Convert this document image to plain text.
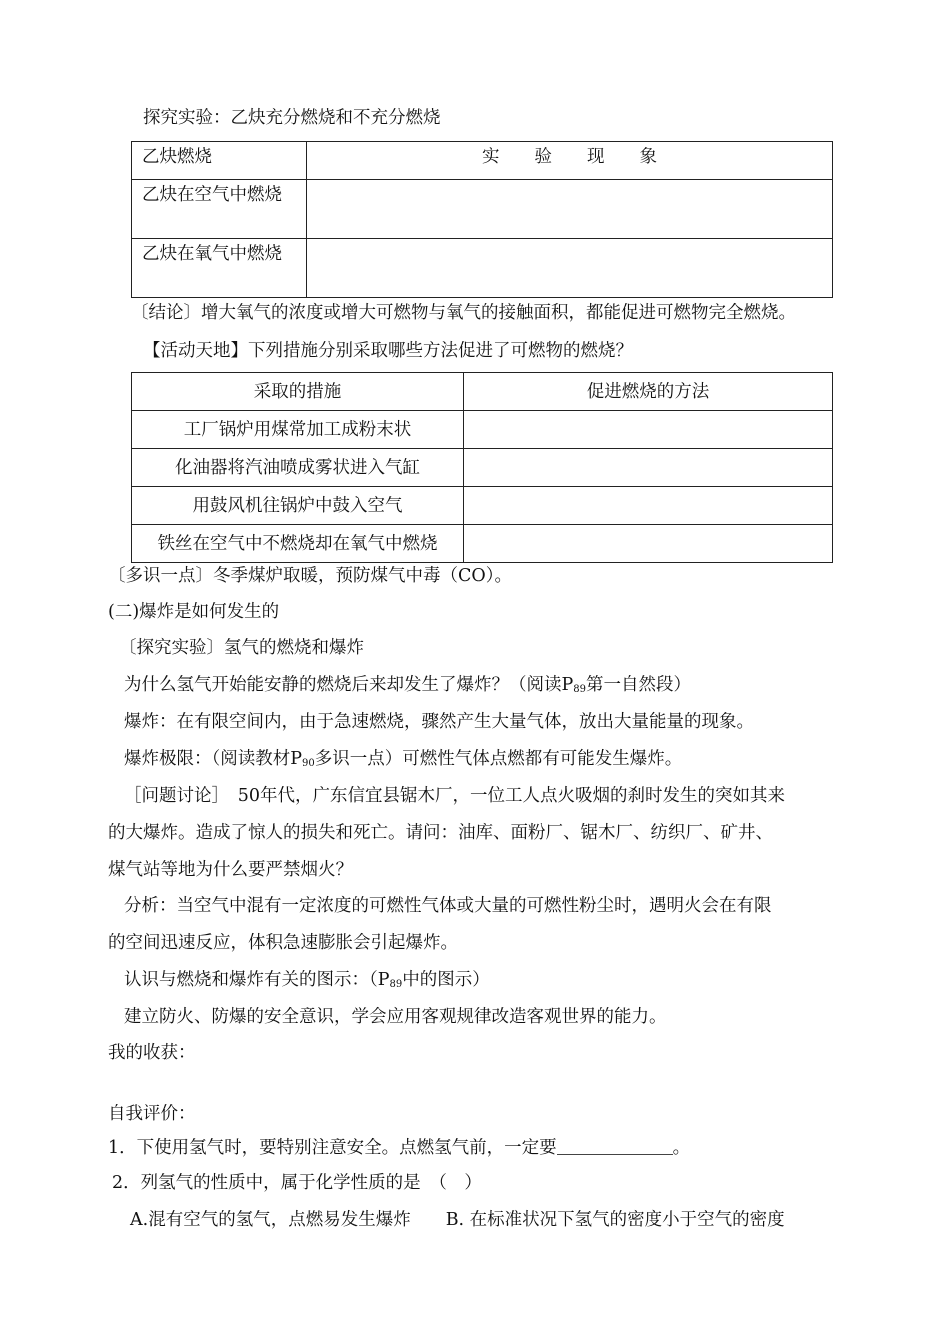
探究实验：乙炔充分燃烧和不充分燃烧
乙炔燃烧	实　　验　　现　　象
乙炔在空气中燃烧	
乙炔在氧气中燃烧	
〔结论〕增大氧气的浓度或增大可燃物与氧气的接触面积，都能促进可燃物完全燃烧。
【活动天地】下列措施分别采取哪些方法促进了可燃物的燃烧？
采取的措施	促进燃烧的方法
工厂锅炉用煤常加工成粉末状	
化油器将汽油喷成雾状进入气缸	
用鼓风机往锅炉中鼓入空气	
铁丝在空气中不燃烧却在氧气中燃烧	
〔多识一点〕冬季煤炉取暖，预防煤气中毒（CO）。
(二)爆炸是如何发生的
〔探究实验〕氢气的燃烧和爆炸
为什么氢气开始能安静的燃烧后来却发生了爆炸？（阅读$P_{89}$第一自然段）
爆炸：在有限空间内，由于急速燃烧，骤然产生大量气体，放出大量能量的现象。
爆炸极限：（阅读教材$P_{90}$多识一点）可燃性气体点燃都有可能发生爆炸。
［问题讨论］　50年代，广东信宜县锯木厂，一位工人点火吸烟的刹时发生的突如其来
的大爆炸。造成了惊人的损失和死亡。请问：油库、面粉厂、锯木厂、纺织厂、矿井、
煤气站等地为什么要严禁烟火？
分析：当空气中混有一定浓度的可燃性气体或大量的可燃性粉尘时，遇明火会在有限
的空间迅速反应，体积急速膨胀会引起爆炸。
认识与燃烧和爆炸有关的图示：（$P_{89}$中的图示）
建立防火、防爆的安全意识，学会应用客观规律改造客观世界的能力。
我的收获：
自我评价：
1．下使用氢气时，要特别注意安全。点燃氢气前，一定要	。
2．列氢气的性质中，属于化学性质的是　（　）
A.混有空气的氢气，点燃易发生爆炸　　B. 在标准状况下氢气的密度小于空气的密度
